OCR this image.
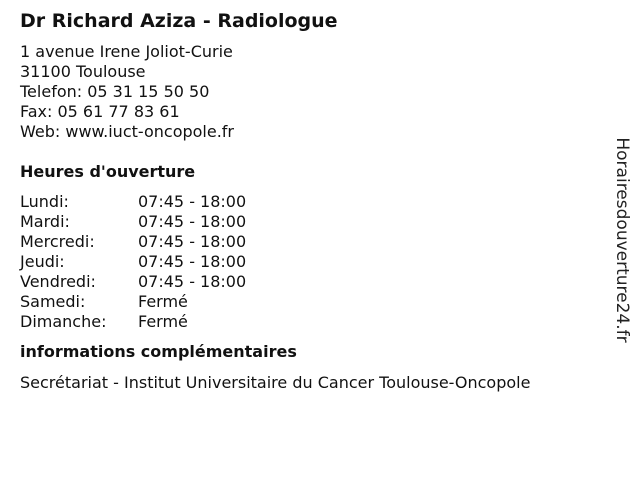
Dr Richard Aziza - Radiologue
1 avenue Irene Joliot-Curie
31100 Toulouse
Telefon: 05 31 15 50 50
Fax: 05 61 77 83 61
Web: www.iuct-oncopole.fr
Heures d'ouverture
Lundi:	07:45 - 18:00
Mardi:	07:45 - 18:00
Mercredi:	07:45 - 18:00
Jeudi:	07:45 - 18:00
Vendredi:	07:45 - 18:00
Samedi:	Fermé
Dimanche:	Fermé
informations complémentaires
Secrétariat - Institut Universitaire du Cancer Toulouse-Oncopole
Horairesdouverture24.fr
